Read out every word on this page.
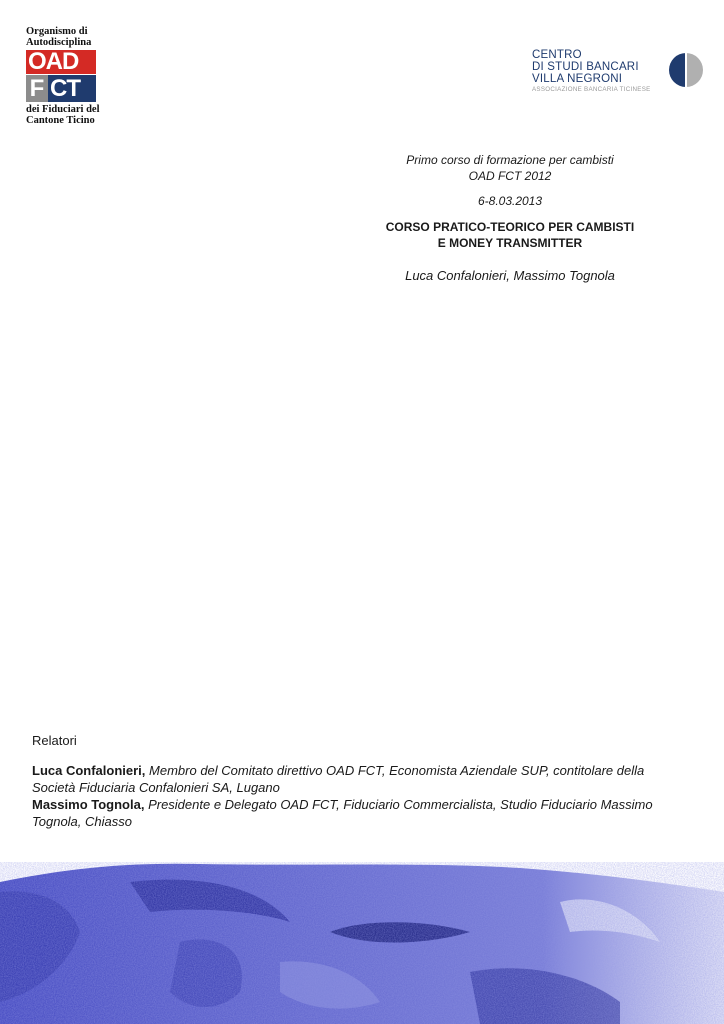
Organismo di
Autodisciplina
OAD
F CT
dei Fiduciari del
Cantone Ticino
CENTRO
DI STUDI BANCARI
VILLA NEGRONI
ASSOCIAZIONE BANCARIA TICINESE
Primo corso di formazione per cambisti
OAD FCT 2012
6-8.03.2013
CORSO PRATICO-TEORICO PER CAMBISTI
E MONEY TRANSMITTER
Luca Confalonieri, Massimo Tognola
Relatori
Luca Confalonieri, Membro del Comitato direttivo OAD FCT, Economista Aziendale SUP, contitolare della Società Fiduciaria Confalonieri SA, Lugano
Massimo Tognola, Presidente e Delegato OAD FCT, Fiduciario Commercialista, Studio Fiduciario Massimo Tognola, Chiasso
